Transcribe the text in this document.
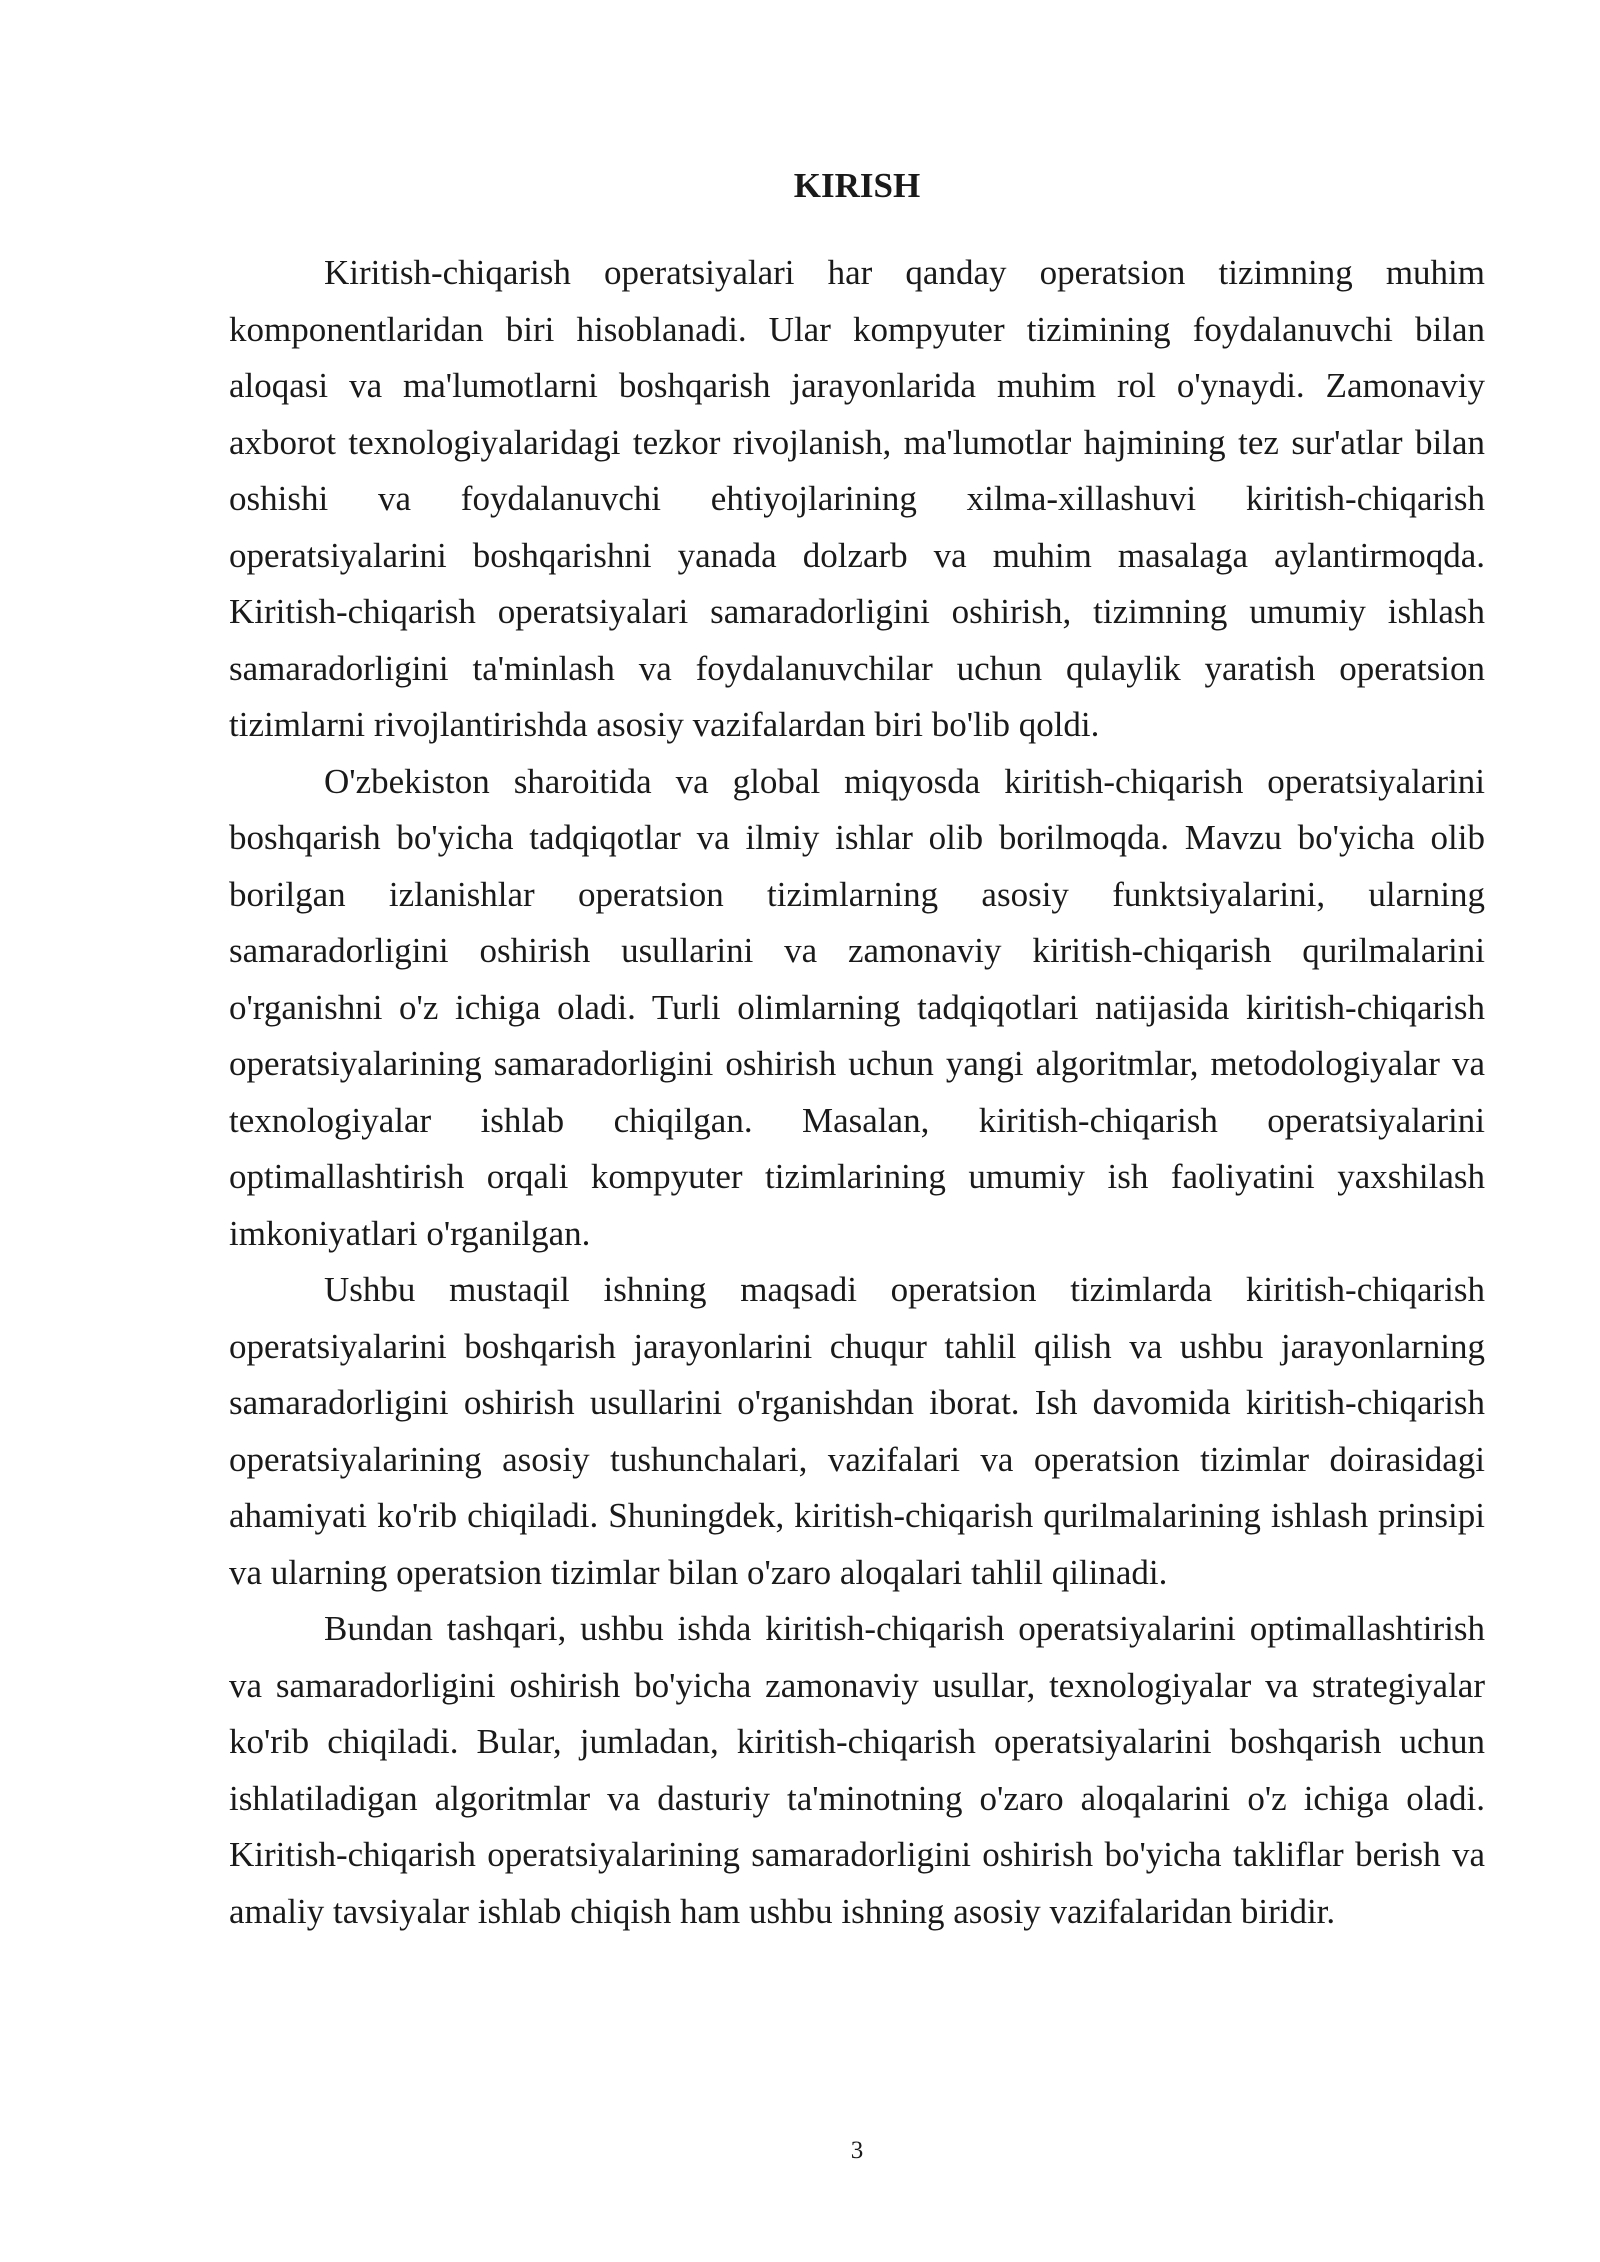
KIRISH

Kiritish-chiqarish operatsiyalari har qanday operatsion tizimning muhim komponentlaridan biri hisoblanadi. Ular kompyuter tizimining foydalanuvchi bilan aloqasi va ma'lumotlarni boshqarish jarayonlarida muhim rol o'ynaydi. Zamonaviy axborot texnologiyalaridagi tezkor rivojlanish, ma'lumotlar hajmining tez sur'atlar bilan oshishi va foydalanuvchi ehtiyojlarining xilma-xillashuvi kiritish-chiqarish operatsiyalarini boshqarishni yanada dolzarb va muhim masalaga aylantirmoqda. Kiritish-chiqarish operatsiyalari samaradorligini oshirish, tizimning umumiy ishlash samaradorligini ta'minlash va foydalanuvchilar uchun qulaylik yaratish operatsion tizimlarni rivojlantirishda asosiy vazifalardan biri bo'lib qoldi.

O'zbekiston sharoitida va global miqyosda kiritish-chiqarish operatsiyalarini boshqarish bo'yicha tadqiqotlar va ilmiy ishlar olib borilmoqda. Mavzu bo'yicha olib borilgan izlanishlar operatsion tizimlarning asosiy funktsiyalarini, ularning samaradorligini oshirish usullarini va zamonaviy kiritish-chiqarish qurilmalarini o'rganishni o'z ichiga oladi. Turli olimlarning tadqiqotlari natijasida kiritish-chiqarish operatsiyalarining samaradorligini oshirish uchun yangi algoritmlar, metodologiyalar va texnologiyalar ishlab chiqilgan. Masalan, kiritish-chiqarish operatsiyalarini optimallashtirish orqali kompyuter tizimlarining umumiy ish faoliyatini yaxshilash imkoniyatlari o'rganilgan.

Ushbu mustaqil ishning maqsadi operatsion tizimlarda kiritish-chiqarish operatsiyalarini boshqarish jarayonlarini chuqur tahlil qilish va ushbu jarayonlarning samaradorligini oshirish usullarini o'rganishdan iborat. Ish davomida kiritish-chiqarish operatsiyalarining asosiy tushunchalari, vazifalari va operatsion tizimlar doirasidagi ahamiyati ko'rib chiqiladi. Shuningdek, kiritish-chiqarish qurilmalarining ishlash prinsipi va ularning operatsion tizimlar bilan o'zaro aloqalari tahlil qilinadi.

Bundan tashqari, ushbu ishda kiritish-chiqarish operatsiyalarini optimallashtirish va samaradorligini oshirish bo'yicha zamonaviy usullar, texnologiyalar va strategiyalar ko'rib chiqiladi. Bular, jumladan, kiritish-chiqarish operatsiyalarini boshqarish uchun ishlatiladigan algoritmlar va dasturiy ta'minotning o'zaro aloqalarini o'z ichiga oladi. Kiritish-chiqarish operatsiyalarining samaradorligini oshirish bo'yicha takliflar berish va amaliy tavsiyalar ishlab chiqish ham ushbu ishning asosiy vazifalaridan biridir.

3
